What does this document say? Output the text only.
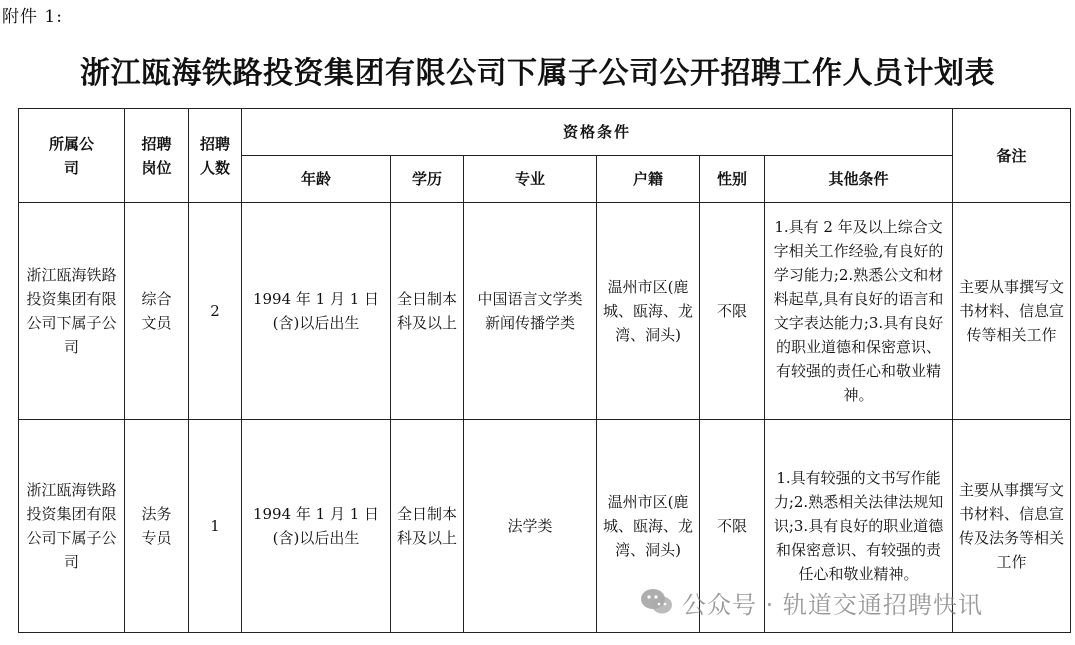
附件 1:
浙江瓯海铁路投资集团有限公司下属子公司公开招聘工作人员计划表
所属公司	招聘岗位	招聘人数	资格条件						备注
			年龄	学历	专业	户籍	性别	其他条件	

浙江瓯海铁路投资集团有限公司下属子公司	综合文员	2	1994 年 1 月 1 日(含)以后出生	全日制本科及以上	中国语言文学类新闻传播学类	温州市区(鹿城、瓯海、龙湾、洞头)	不限	1.具有 2 年及以上综合文字相关工作经验,有良好的学习能力;2.熟悉公文和材料起草,具有良好的语言和文字表达能力;3.具有良好的职业道德和保密意识、有较强的责任心和敬业精神。	主要从事撰写文书材料、信息宣传等相关工作

浙江瓯海铁路投资集团有限公司下属子公司	法务专员	1	1994 年 1 月 1 日(含)以后出生	全日制本科及以上	法学类	温州市区(鹿城、瓯海、龙湾、洞头)	不限	1.具有较强的文书写作能力;2.熟悉相关法律法规知识;3.具有良好的职业道德和保密意识、有较强的责任心和敬业精神。	主要从事撰写文书材料、信息宣传及法务等相关工作
公众号 · 轨道交通招聘快讯
